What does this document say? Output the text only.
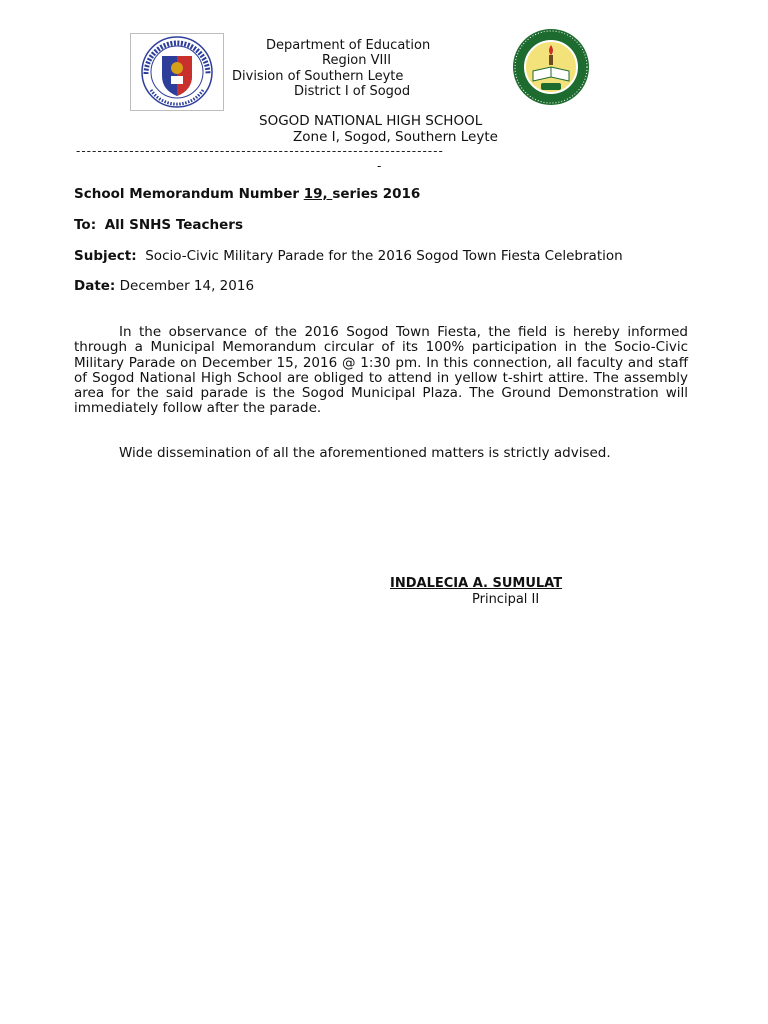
Department of Education
Region VIII
Division of Southern Leyte
District I of Sogod
SOGOD NATIONAL HIGH SCHOOL
Zone I, Sogod, Southern Leyte
---------------------------------------------------------------------
-
School Memorandum Number 19, series 2016
To: All SNHS Teachers
Subject: Socio-Civic Military Parade for the 2016 Sogod Town Fiesta Celebration
Date: December 14, 2016

In the observance of the 2016 Sogod Town Fiesta, the field is hereby informed through a Municipal Memorandum circular of its 100% participation in the Socio-Civic Military Parade on December 15, 2016 @ 1:30 pm. In this connection, all faculty and staff of Sogod National High School are obliged to attend in yellow t-shirt attire. The assembly area for the said parade is the Sogod Municipal Plaza. The Ground Demonstration will immediately follow after the parade.

Wide dissemination of all the aforementioned matters is strictly advised.

INDALECIA A. SUMULAT
Principal II
